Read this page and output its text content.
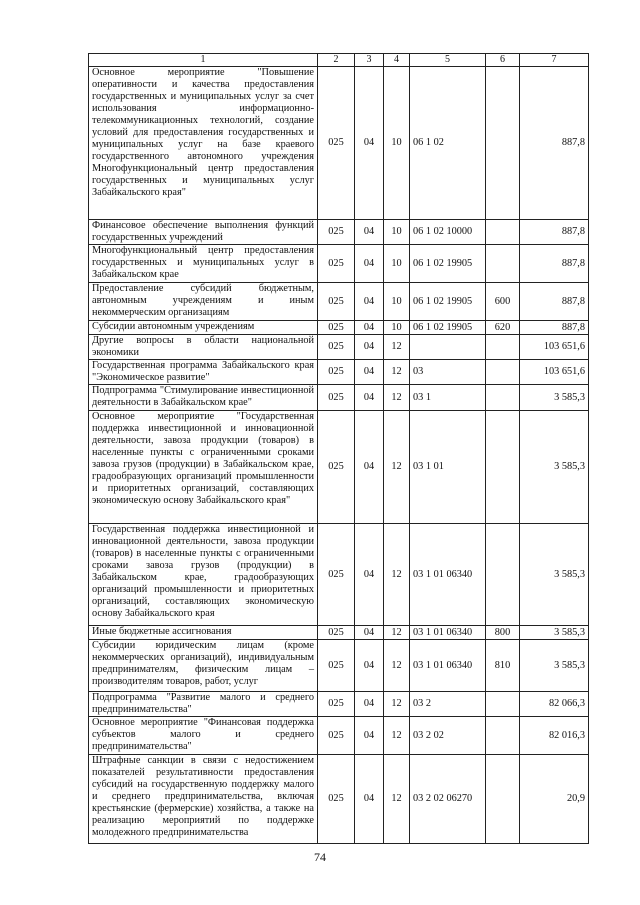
1	2	3	4	5	6	7
Основное мероприятие "Повышение оперативности и качества предоставления государственных и муниципальных услуг за счет использования информационно-телекоммуникационных технологий, создание условий для предоставления государственных и муниципальных услуг на базе краевого государственного автономного учреждения Многофункциональный центр предоставления государственных и муниципальных услуг Забайкальского края"	025	04	10	06 1 02		887,8
Финансовое обеспечение выполнения функций государственных учреждений	025	04	10	06 1 02 10000		887,8
Многофункциональный центр предоставления государственных и муниципальных услуг в Забайкальском крае	025	04	10	06 1 02 19905		887,8
Предоставление субсидий бюджетным, автономным учреждениям и иным некоммерческим организациям	025	04	10	06 1 02 19905	600	887,8
Субсидии автономным учреждениям	025	04	10	06 1 02 19905	620	887,8
Другие вопросы в области национальной экономики	025	04	12			103 651,6
Государственная программа Забайкальского края "Экономическое развитие"	025	04	12	03		103 651,6
Подпрограмма "Стимулирование инвестиционной деятельности в Забайкальском крае"	025	04	12	03 1		3 585,3
Основное мероприятие "Государственная поддержка инвестиционной и инновационной деятельности, завоза продукции (товаров) в населенные пункты с ограниченными сроками завоза грузов (продукции) в Забайкальском крае, градообразующих организаций промышленности и приоритетных организаций, составляющих экономическую основу Забайкальского края"	025	04	12	03 1 01		3 585,3
Государственная поддержка инвестиционной и инновационной деятельности, завоза продукции (товаров) в населенные пункты с ограниченными сроками завоза грузов (продукции) в Забайкальском крае, градообразующих организаций промышленности и приоритетных организаций, составляющих экономическую основу Забайкальского края	025	04	12	03 1 01 06340		3 585,3
Иные бюджетные ассигнования	025	04	12	03 1 01 06340	800	3 585,3
Субсидии юридическим лицам (кроме некоммерческих организаций), индивидуальным предпринимателям, физическим лицам – производителям товаров, работ, услуг	025	04	12	03 1 01 06340	810	3 585,3
Подпрограмма "Развитие малого и среднего предпринимательства"	025	04	12	03 2		82 066,3
Основное мероприятие "Финансовая поддержка субъектов малого и среднего предпринимательства"	025	04	12	03 2 02		82 016,3
Штрафные санкции в связи с недостижением показателей результативности предоставления субсидий на государственную поддержку малого и среднего предпринимательства, включая крестьянские (фермерские) хозяйства, а также на реализацию мероприятий по поддержке молодежного предпринимательства	025	04	12	03 2 02 06270		20,9
74
